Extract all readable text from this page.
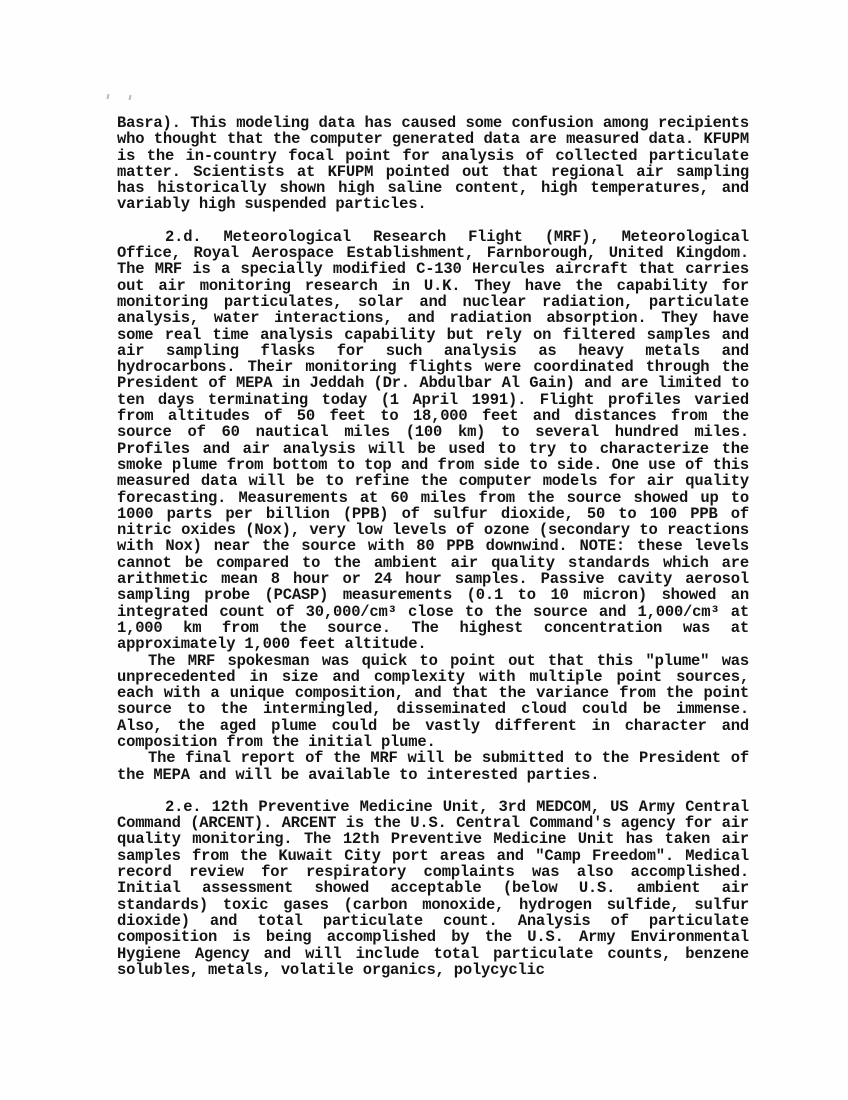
Basra). This modeling data has caused some confusion among recipients who thought that the computer generated data are measured data. KFUPM is the in-country focal point for analysis of collected particulate matter. Scientists at KFUPM pointed out that regional air sampling has historically shown high saline content, high temperatures, and variably high suspended particles.

2.d. Meteorological Research Flight (MRF), Meteorological Office, Royal Aerospace Establishment, Farnborough, United Kingdom. The MRF is a specially modified C-130 Hercules aircraft that carries out air monitoring research in U.K. They have the capability for monitoring particulates, solar and nuclear radiation, particulate analysis, water interactions, and radiation absorption. They have some real time analysis capability but rely on filtered samples and air sampling flasks for such analysis as heavy metals and hydrocarbons. Their monitoring flights were coordinated through the President of MEPA in Jeddah (Dr. Abdulbar Al Gain) and are limited to ten days terminating today (1 April 1991). Flight profiles varied from altitudes of 50 feet to 18,000 feet and distances from the source of 60 nautical miles (100 km) to several hundred miles. Profiles and air analysis will be used to try to characterize the smoke plume from bottom to top and from side to side. One use of this measured data will be to refine the computer models for air quality forecasting. Measurements at 60 miles from the source showed up to 1000 parts per billion (PPB) of sulfur dioxide, 50 to 100 PPB of nitric oxides (Nox), very low levels of ozone (secondary to reactions with Nox) near the source with 80 PPB downwind. NOTE: these levels cannot be compared to the ambient air quality standards which are arithmetic mean 8 hour or 24 hour samples. Passive cavity aerosol sampling probe (PCASP) measurements (0.1 to 10 micron) showed an integrated count of 30,000/cm³ close to the source and 1,000/cm³ at 1,000 km from the source. The highest concentration was at approximately 1,000 feet altitude.

The MRF spokesman was quick to point out that this "plume" was unprecedented in size and complexity with multiple point sources, each with a unique composition, and that the variance from the point source to the intermingled, disseminated cloud could be immense. Also, the aged plume could be vastly different in character and composition from the initial plume.

The final report of the MRF will be submitted to the President of the MEPA and will be available to interested parties.

2.e. 12th Preventive Medicine Unit, 3rd MEDCOM, US Army Central Command (ARCENT). ARCENT is the U.S. Central Command's agency for air quality monitoring. The 12th Preventive Medicine Unit has taken air samples from the Kuwait City port areas and "Camp Freedom". Medical record review for respiratory complaints was also accomplished. Initial assessment showed acceptable (below U.S. ambient air standards) toxic gases (carbon monoxide, hydrogen sulfide, sulfur dioxide) and total particulate count. Analysis of particulate composition is being accomplished by the U.S. Army Environmental Hygiene Agency and will include total particulate counts, benzene solubles, metals, volatile organics, polycyclic
